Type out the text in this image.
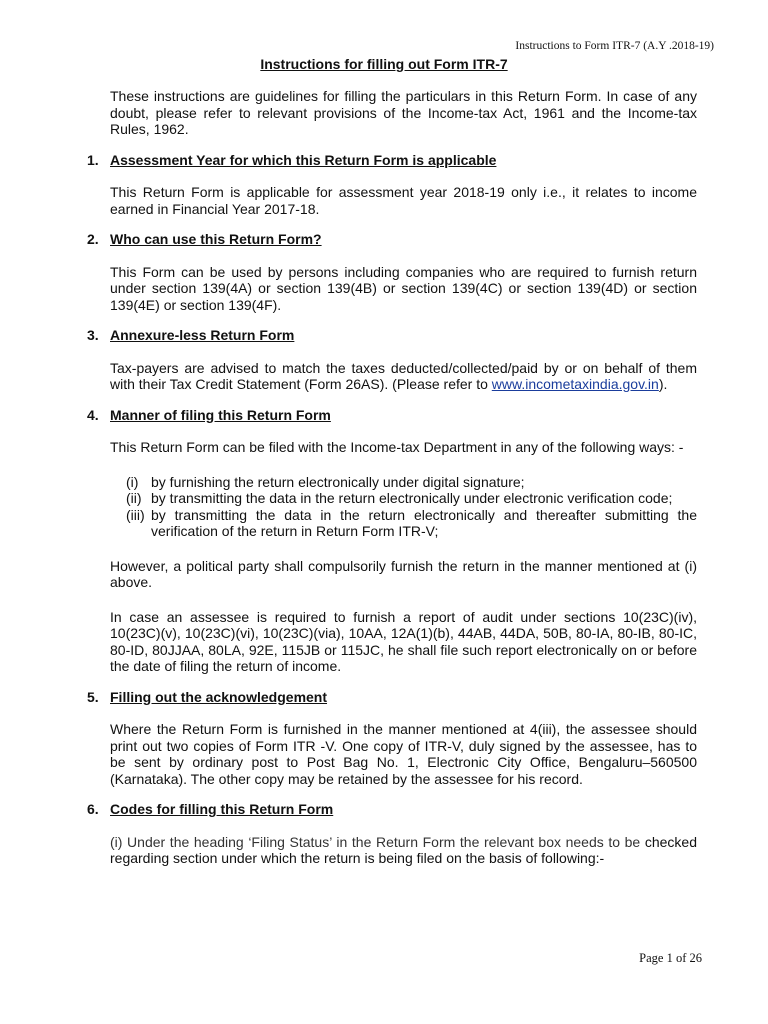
Instructions to Form ITR-7 (A.Y .2018-19)
Instructions for filling out Form ITR-7

These instructions are guidelines for filling the particulars in this Return Form. In case of any doubt, please refer to relevant provisions of the Income-tax Act, 1961 and the Income-tax Rules, 1962.

1. Assessment Year for which this Return Form is applicable

This Return Form is applicable for assessment year 2018-19 only i.e., it relates to income earned in Financial Year 2017-18.

2. Who can use this Return Form?

This Form can be used by persons including companies who are required to furnish return under section 139(4A) or section 139(4B) or section 139(4C) or section 139(4D) or section 139(4E) or section 139(4F).

3. Annexure-less Return Form

Tax-payers are advised to match the taxes deducted/collected/paid by or on behalf of them with their Tax Credit Statement (Form 26AS). (Please refer to www.incometaxindia.gov.in).

4. Manner of filing this Return Form

This Return Form can be filed with the Income-tax Department in any of the following ways: -

(i) by furnishing the return electronically under digital signature;
(ii) by transmitting the data in the return electronically under electronic verification code;
(iii) by transmitting the data in the return electronically and thereafter submitting the verification of the return in Return Form ITR-V;

However, a political party shall compulsorily furnish the return in the manner mentioned at (i) above.

In case an assessee is required to furnish a report of audit under sections 10(23C)(iv), 10(23C)(v), 10(23C)(vi), 10(23C)(via), 10AA, 12A(1)(b), 44AB, 44DA, 50B, 80-IA, 80-IB, 80-IC, 80-ID, 80JJAA, 80LA, 92E, 115JB or 115JC, he shall file such report electronically on or before the date of filing the return of income.

5. Filling out the acknowledgement

Where the Return Form is furnished in the manner mentioned at 4(iii), the assessee should print out two copies of Form ITR -V. One copy of ITR-V, duly signed by the assessee, has to be sent by ordinary post to Post Bag No. 1, Electronic City Office, Bengaluru–560500 (Karnataka). The other copy may be retained by the assessee for his record.

6. Codes for filling this Return Form

(i) Under the heading ‘Filing Status’ in the Return Form the relevant box needs to be checked regarding section under which the return is being filed on the basis of following:-

Page 1 of 26
